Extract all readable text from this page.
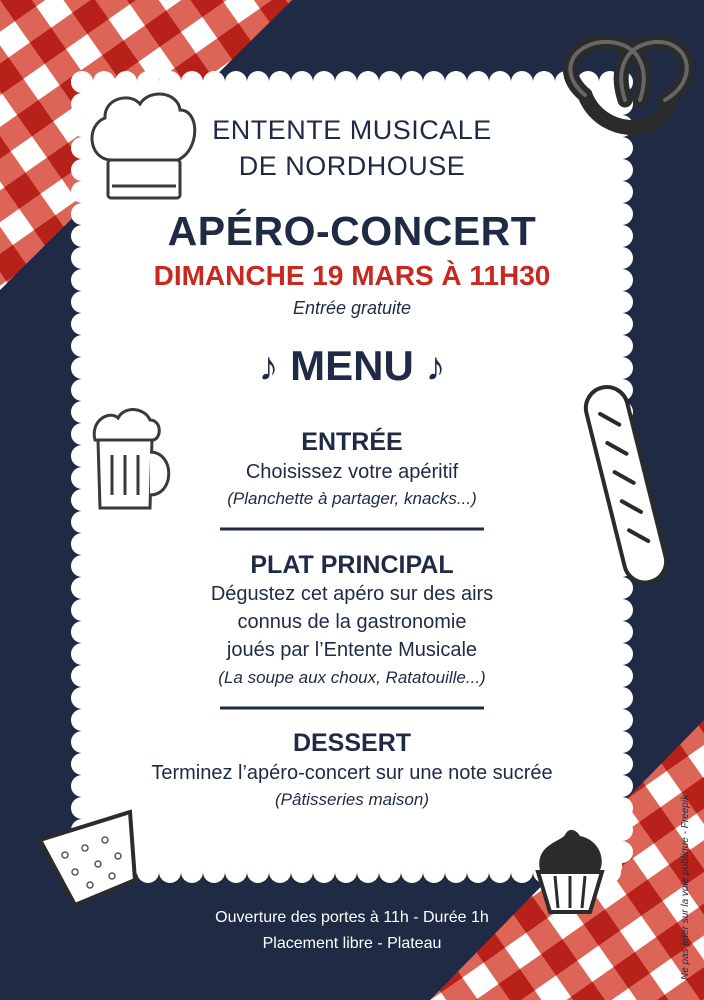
ENTENTE MUSICALE
DE NORDHOUSE
APÉRO-CONCERT
DIMANCHE 19 MARS À 11H30
Entrée gratuite
♪ MENU ♪
ENTRÉE
Choisissez votre apéritif
(Planchette à partager, knacks...)
PLAT PRINCIPAL
Dégustez cet apéro sur des airs
connus de la gastronomie
joués par l’Entente Musicale
(La soupe aux choux, Ratatouille...)
DESSERT
Terminez l’apéro-concert sur une note sucrée
(Pâtisseries maison)
Ouverture des portes à 11h - Durée 1h
Placement libre - Plateau	Ne pas jeter sur la voie publique - Freepik
